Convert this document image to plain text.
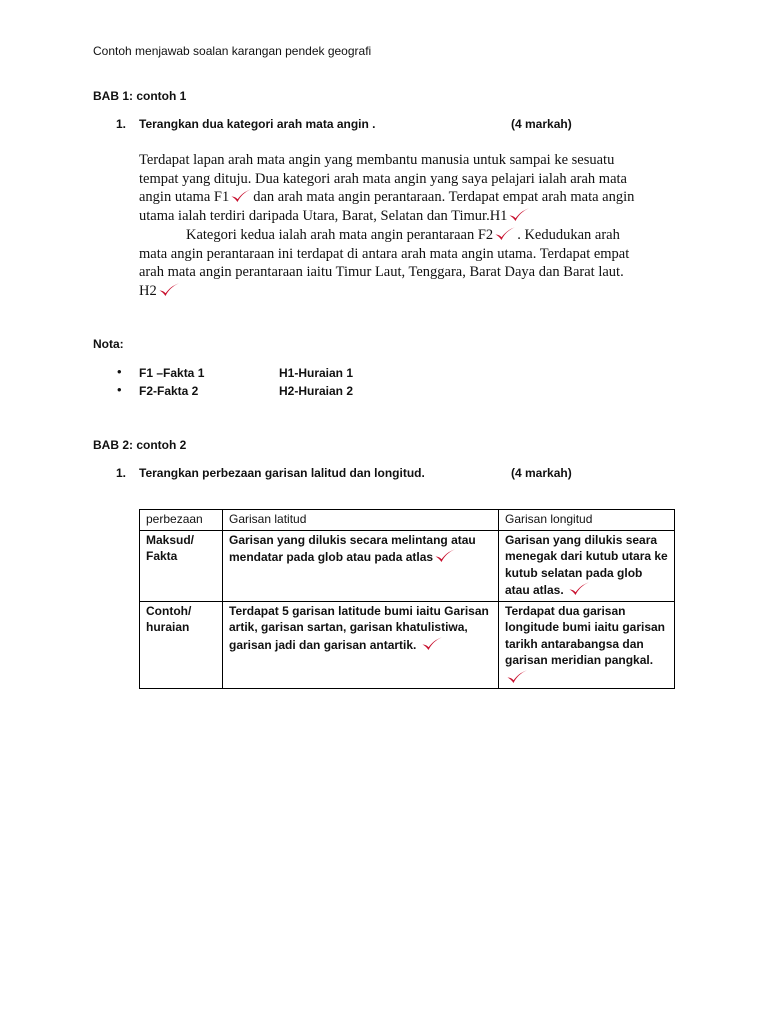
Contoh menjawab soalan karangan pendek geografi
BAB 1: contoh 1
1. Terangkan dua kategori arah mata angin .	(4 markah)
Terdapat lapan arah mata angin yang membantu manusia untuk sampai ke sesuatu
tempat yang dituju. Dua kategori arah mata angin yang saya pelajari ialah arah mata
angin utama F1 dan arah mata angin perantaraan. Terdapat empat arah mata angin
utama ialah terdiri daripada Utara, Barat, Selatan dan Timur.H1
Kategori kedua ialah arah mata angin perantaraan F2 . Kedudukan arah
mata angin perantaraan ini terdapat di antara arah mata angin utama. Terdapat empat
arah mata angin perantaraan iaitu Timur Laut, Tenggara, Barat Daya dan Barat laut.
H2
Nota:
• F1 –Fakta 1	H1-Huraian 1
• F2-Fakta 2	H2-Huraian 2
BAB 2: contoh 2
1. Terangkan perbezaan garisan lalitud dan longitud.	(4 markah)
perbezaan	Garisan latitud	Garisan longitud
Maksud/ Fakta	Garisan yang dilukis secara melintang atau mendatar pada glob atau pada atlas	Garisan yang dilukis seara menegak dari kutub utara ke kutub selatan pada glob atau atlas.

Contoh/ huraian	Terdapat 5 garisan latitude bumi iaitu Garisan artik, garisan sartan, garisan khatulistiwa, garisan jadi dan garisan antartik.	Terdapat dua garisan longitude bumi iaitu garisan tarikh antarabangsa dan garisan meridian pangkal.
